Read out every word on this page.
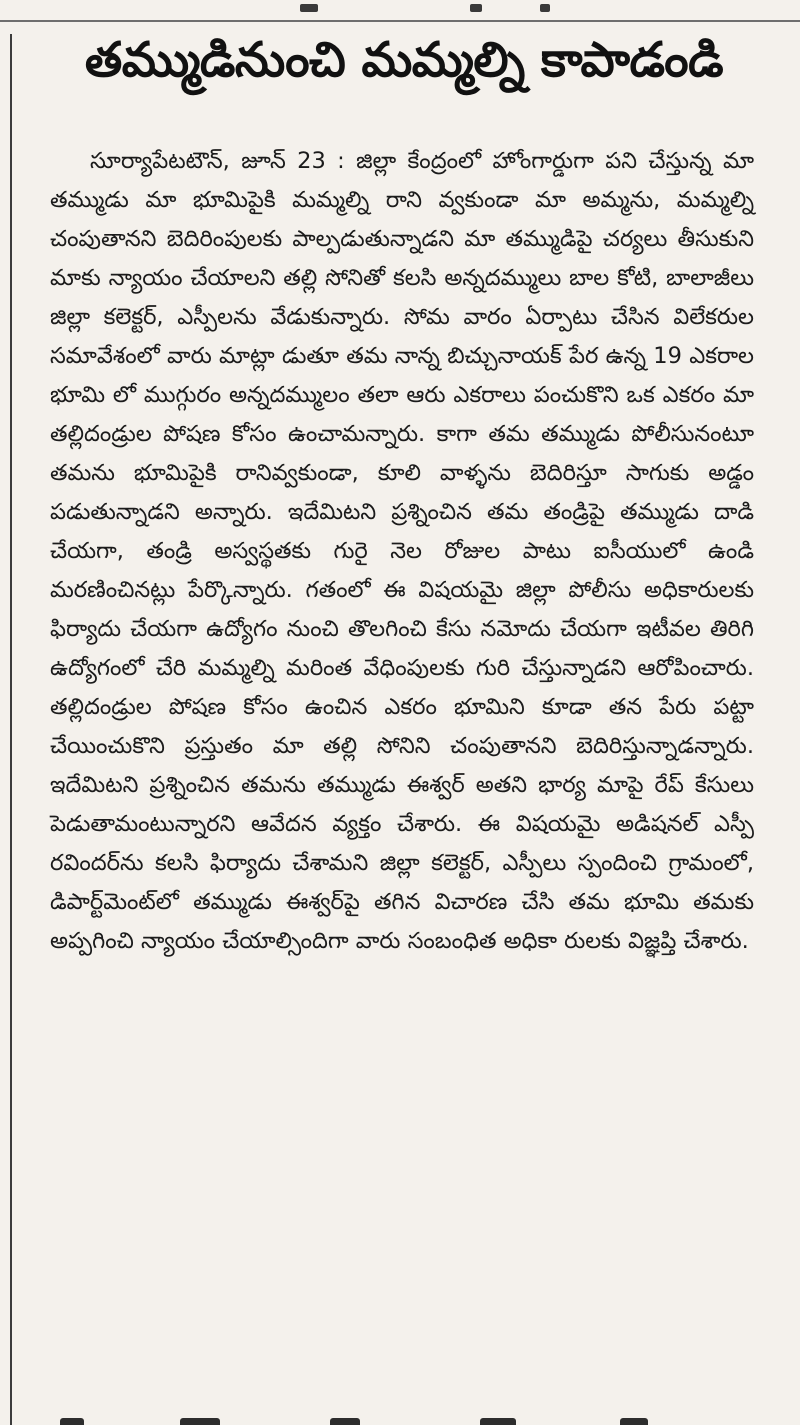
తమ్ముడినుంచి మమ్మల్ని కాపాడండి

సూర్యాపేటటౌన్, జూన్ 23 : జిల్లా కేంద్రంలో హోంగార్డుగా పని చేస్తున్న మా తమ్ముడు మా భూమిపైకి మమ్మల్ని రాని వ్వకుండా మా అమ్మను, మమ్మల్ని చంపుతానని బెదిరింపులకు పాల్పడుతున్నాడని మా తమ్ముడిపై చర్యలు తీసుకుని మాకు న్యాయం చేయాలని తల్లి సోనితో కలసి అన్నదమ్ములు బాల కోటి, బాలాజీలు జిల్లా కలెక్టర్, ఎస్పీలను వేడుకున్నారు. సోమ వారం ఏర్పాటు చేసిన విలేకరుల సమావేశంలో వారు మాట్లా డుతూ తమ నాన్న బిచ్చునాయక్ పేర ఉన్న 19 ఎకరాల భూమి లో ముగ్గురం అన్నదమ్ములం తలా ఆరు ఎకరాలు పంచుకొని ఒక ఎకరం మా తల్లిదండ్రుల పోషణ కోసం ఉంచామన్నారు. కాగా తమ తమ్ముడు పోలీసునంటూ తమను భూమిపైకి రానివ్వకుండా, కూలి వాళ్ళను బెదిరిస్తూ సాగుకు అడ్డం పడుతున్నాడని అన్నారు. ఇదేమిటని ప్రశ్నించిన తమ తండ్రిపై తమ్ముడు దాడి చేయగా, తండ్రి అస్వస్థతకు గురై నెల రోజుల పాటు ఐసీయులో ఉండి మరణించినట్లు పేర్కొన్నారు. గతంలో ఈ విషయమై జిల్లా పోలీసు అధికారులకు ఫిర్యాదు చేయగా ఉద్యోగం నుంచి తొలగించి కేసు నమోదు చేయగా ఇటీవల తిరిగి ఉద్యోగంలో చేరి మమ్మల్ని మరింత వేధింపులకు గురి చేస్తున్నాడని ఆరోపించారు. తల్లిదండ్రుల పోషణ కోసం ఉంచిన ఎకరం భూమిని కూడా తన పేరు పట్టా చేయించుకొని ప్రస్తుతం మా తల్లి సోనిని చంపుతానని బెదిరిస్తున్నాడన్నారు. ఇదేమిటని ప్రశ్నించిన తమను తమ్ముడు ఈశ్వర్ అతని భార్య మాపై రేప్ కేసులు పెడుతామంటున్నారని ఆవేదన వ్యక్తం చేశారు. ఈ విషయమై అడిషనల్ ఎస్పీ రవిందర్‌ను కలసి ఫిర్యాదు చేశామని జిల్లా కలెక్టర్, ఎస్పీలు స్పందించి గ్రామంలో, డిపార్ట్‌మెంట్‌లో తమ్ముడు ఈశ్వర్‌పై తగిన విచారణ చేసి తమ భూమి తమకు అప్పగించి న్యాయం చేయాల్సిందిగా వారు సంబంధిత అధికా రులకు విజ్ఞప్తి చేశారు.
